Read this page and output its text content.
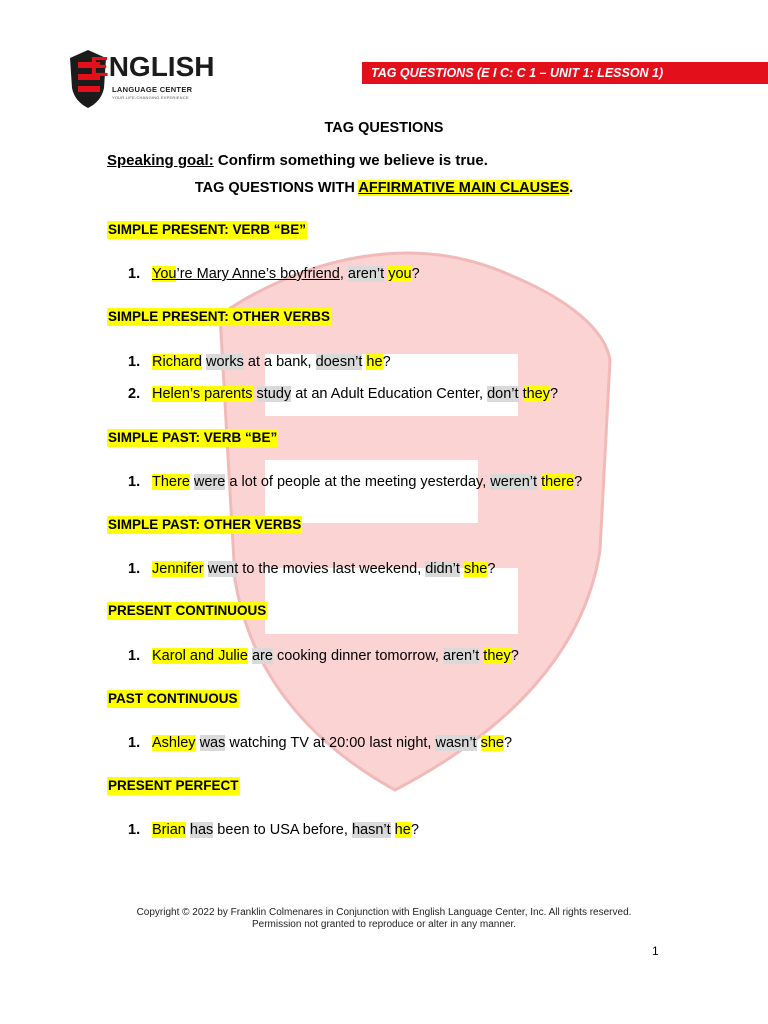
ENGLISH
LANGUAGE CENTER
YOUR LIFE-CHANGING EXPERIENCE
TAG QUESTIONS (E I C: C 1 – UNIT 1: LESSON 1)
TAG QUESTIONS
Speaking goal: Confirm something we believe is true.
TAG QUESTIONS WITH AFFIRMATIVE MAIN CLAUSES.
SIMPLE PRESENT: VERB “BE”
1. You’re Mary Anne’s boyfriend, aren’t you?
SIMPLE PRESENT: OTHER VERBS
1. Richard works at a bank, doesn’t he?
2. Helen’s parents study at an Adult Education Center, don’t they?
SIMPLE PAST: VERB “BE”
1. There were a lot of people at the meeting yesterday, weren’t there?
SIMPLE PAST: OTHER VERBS
1. Jennifer went to the movies last weekend, didn’t she?
PRESENT CONTINUOUS
1. Karol and Julie are cooking dinner tomorrow, aren’t they?
PAST CONTINUOUS
1. Ashley was watching TV at 20:00 last night, wasn’t she?
PRESENT PERFECT
1. Brian has been to USA before, hasn’t he?
Copyright © 2022 by Franklin Colmenares in Conjunction with English Language Center, Inc. All rights reserved.
Permission not granted to reproduce or alter in any manner.
1
